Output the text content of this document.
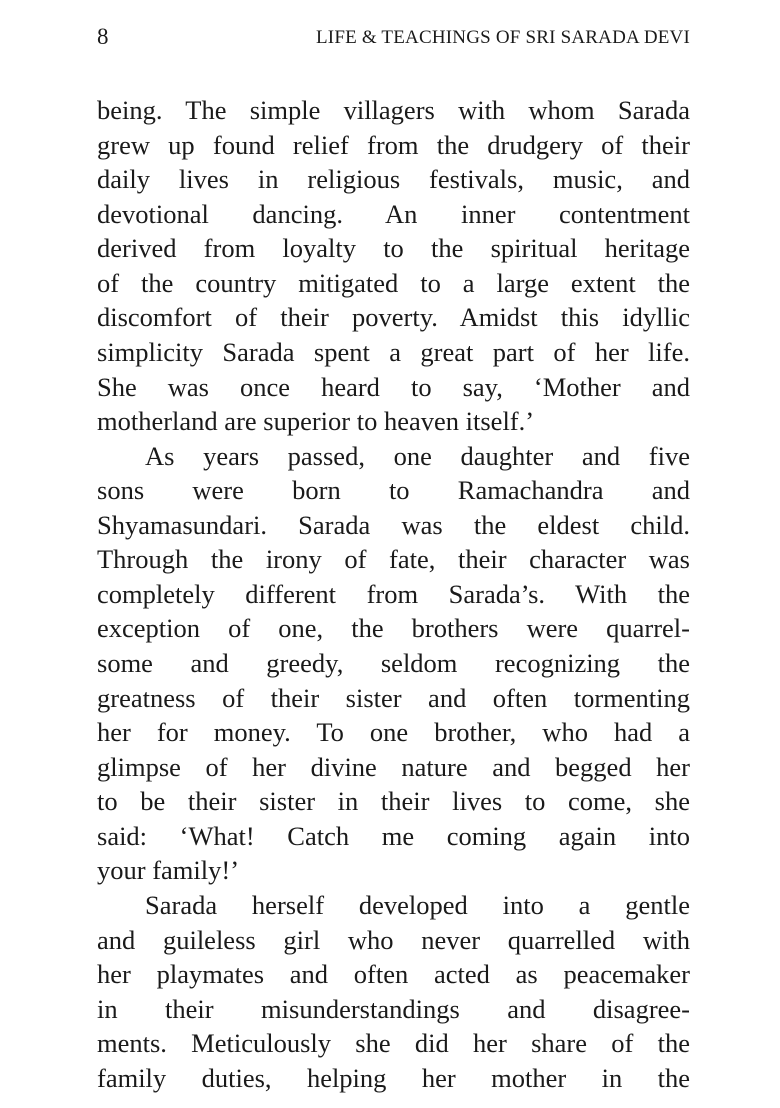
8	LIFE & TEACHINGS OF SRI SARADA DEVI
being. The simple villagers with whom Sarada
grew up found relief from the drudgery of their
daily lives in religious festivals, music, and
devotional dancing. An inner contentment
derived from loyalty to the spiritual heritage
of the country mitigated to a large extent the
discomfort of their poverty. Amidst this idyllic
simplicity Sarada spent a great part of her life.
She was once heard to say, ‘Mother and
motherland are superior to heaven itself.’
As years passed, one daughter and five
sons were born to Ramachandra and
Shyamasundari. Sarada was the eldest child.
Through the irony of fate, their character was
completely different from Sarada’s. With the
exception of one, the brothers were quarrel-
some and greedy, seldom recognizing the
greatness of their sister and often tormenting
her for money. To one brother, who had a
glimpse of her divine nature and begged her
to be their sister in their lives to come, she
said: ‘What! Catch me coming again into
your family!’
Sarada herself developed into a gentle
and guileless girl who never quarrelled with
her playmates and often acted as peacemaker
in their misunderstandings and disagree-
ments. Meticulously she did her share of the
family duties, helping her mother in the
